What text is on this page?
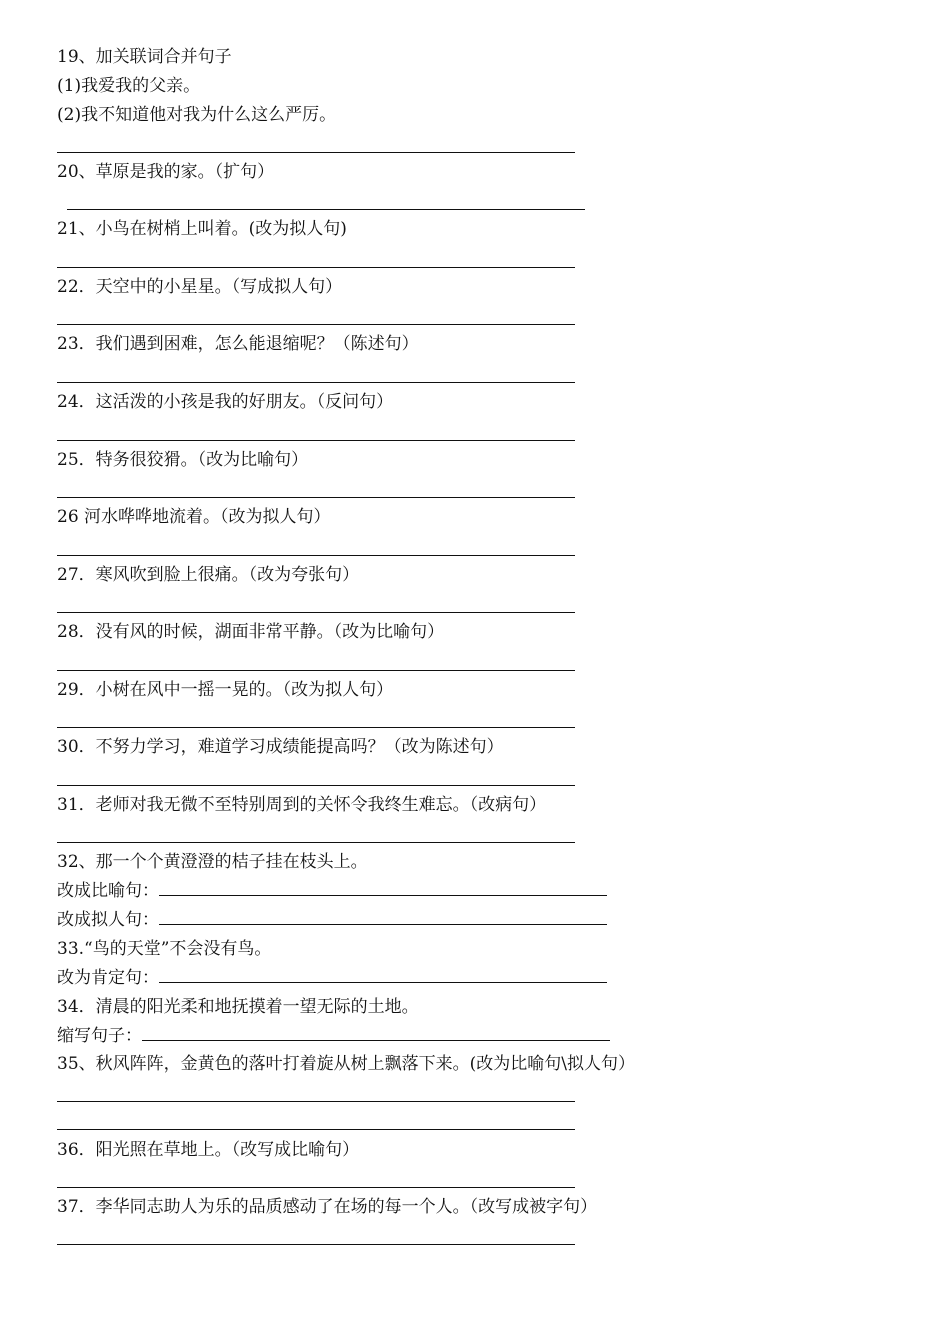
19、加关联词合并句子
(1)我爱我的父亲。
(2)我不知道他对我为什么这么严厉。
20、草原是我的家。（扩句）
21、小鸟在树梢上叫着。(改为拟人句)
22．天空中的小星星。（写成拟人句）
23．我们遇到困难，怎么能退缩呢？（陈述句）
24．这活泼的小孩是我的好朋友。（反问句）
25．特务很狡猾。（改为比喻句）
26 河水哗哗地流着。（改为拟人句）
27．寒风吹到脸上很痛。（改为夸张句）
28．没有风的时候，湖面非常平静。（改为比喻句）
29．小树在风中一摇一晃的。（改为拟人句）
30．不努力学习，难道学习成绩能提高吗？（改为陈述句）
31．老师对我无微不至特别周到的关怀令我终生难忘。（改病句）
32、那一个个黄澄澄的桔子挂在枝头上。
改成比喻句：
改成拟人句：
33.“鸟的天堂”不会没有鸟。
改为肯定句：
34．清晨的阳光柔和地抚摸着一望无际的土地。
缩写句子：
35、秋风阵阵，金黄色的落叶打着旋从树上飘落下来。(改为比喻句\拟人句）
36．阳光照在草地上。（改写成比喻句）
37．李华同志助人为乐的品质感动了在场的每一个人。（改写成被字句）
